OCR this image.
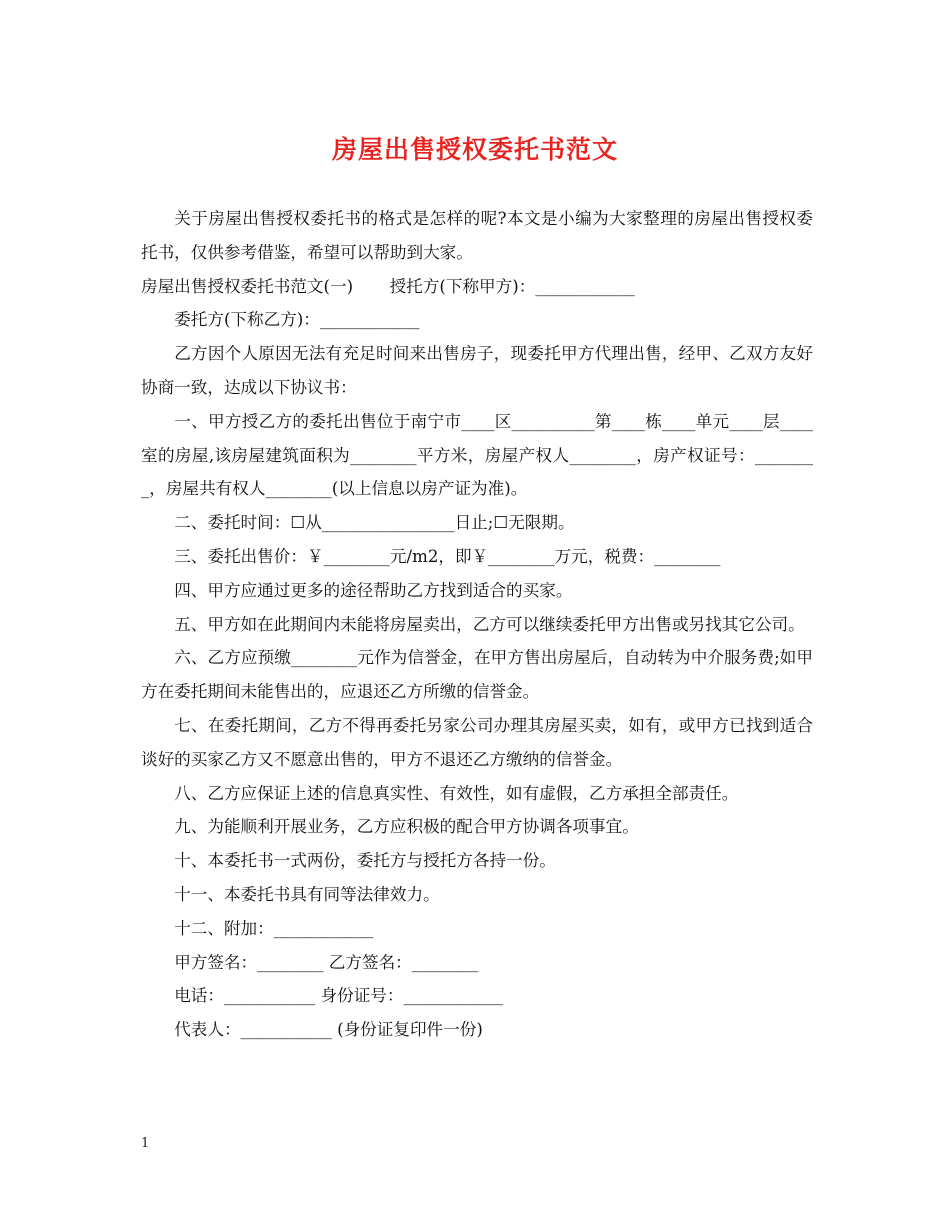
房屋出售授权委托书范文

关于房屋出售授权委托书的格式是怎样的呢?本文是小编为大家整理的房屋出售授权委托书，仅供参考借鉴，希望可以帮助到大家。

房屋出售授权委托书范文(一) 授托方(下称甲方)：____________

委托方(下称乙方)：____________

乙方因个人原因无法有充足时间来出售房子，现委托甲方代理出售，经甲、乙双方友好协商一致，达成以下协议书：

一、甲方授乙方的委托出售位于南宁市____区__________第____栋____单元____层____室的房屋,该房屋建筑面积为________平方米，房屋产权人________，房产权证号：________，房屋共有权人________(以上信息以房产证为准)。

二、委托时间：☐从________________日止;☐无限期。

三、委托出售价：￥________元/m2，即￥________万元，税费：________

四、甲方应通过更多的途径帮助乙方找到适合的买家。

五、甲方如在此期间内未能将房屋卖出，乙方可以继续委托甲方出售或另找其它公司。

六、乙方应预缴________元作为信誉金，在甲方售出房屋后，自动转为中介服务费;如甲方在委托期间未能售出的，应退还乙方所缴的信誉金。

七、在委托期间，乙方不得再委托另家公司办理其房屋买卖，如有，或甲方已找到适合谈好的买家乙方又不愿意出售的，甲方不退还乙方缴纳的信誉金。

八、乙方应保证上述的信息真实性、有效性，如有虚假，乙方承担全部责任。

九、为能顺利开展业务，乙方应积极的配合甲方协调各项事宜。

十、本委托书一式两份，委托方与授托方各持一份。

十一、本委托书具有同等法律效力。

十二、附加：____________

甲方签名：________ 乙方签名：________

电话：___________ 身份证号：____________

代表人：___________ (身份证复印件一份)

1
